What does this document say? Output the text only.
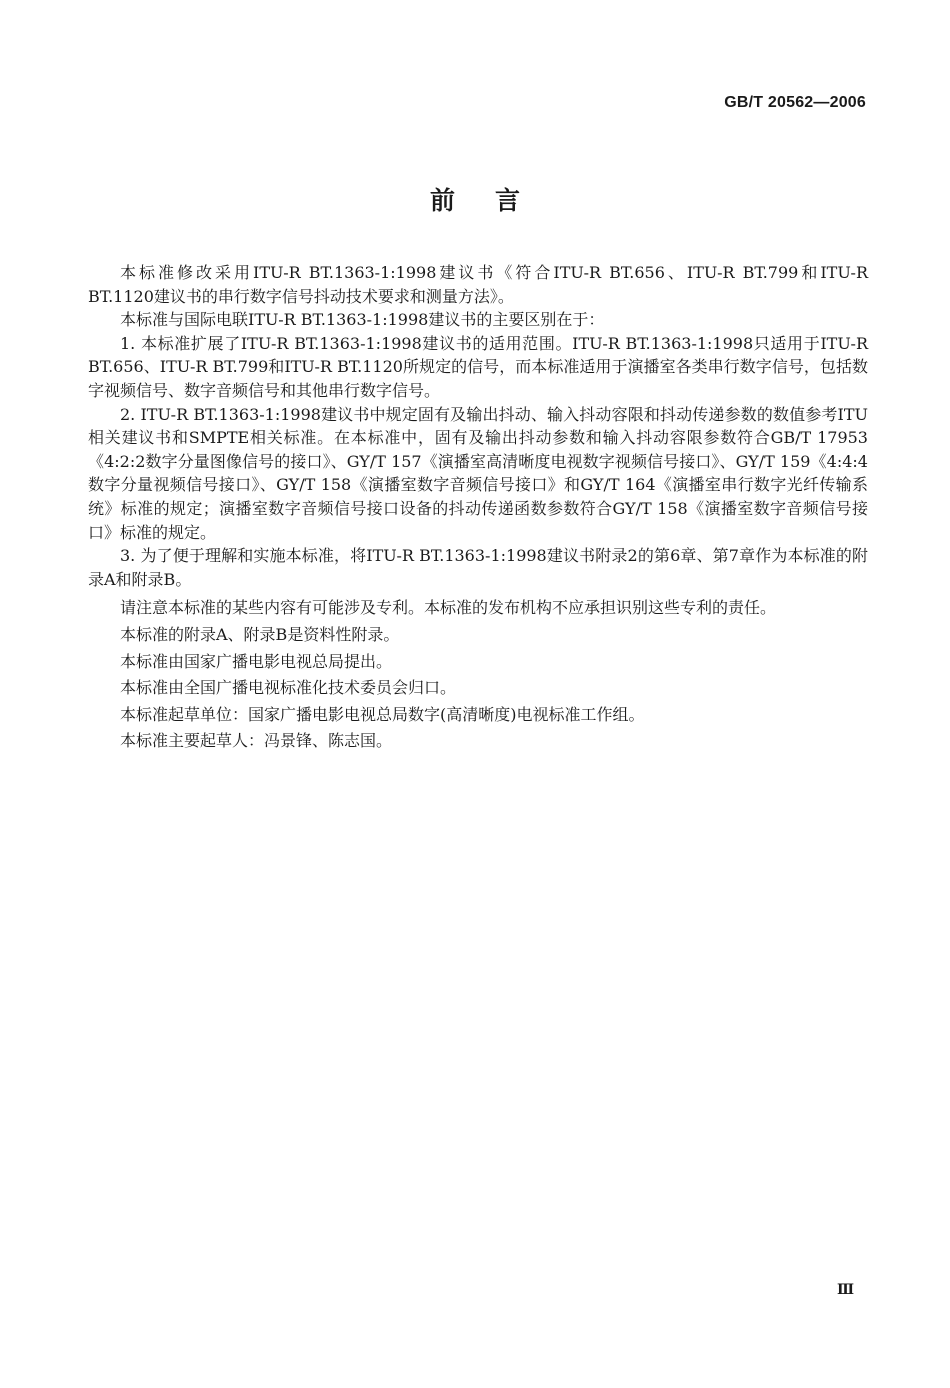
GB/T 20562—2006
前言

本标准修改采用ITU-R BT.1363-1:1998建议书《符合ITU-R BT.656、ITU-R BT.799和ITU-R BT.1120建议书的串行数字信号抖动技术要求和测量方法》。

本标准与国际电联ITU-R BT.1363-1:1998建议书的主要区别在于：

1. 本标准扩展了ITU-R BT.1363-1:1998建议书的适用范围。ITU-R BT.1363-1:1998只适用于ITU-R BT.656、ITU-R BT.799和ITU-R BT.1120所规定的信号，而本标准适用于演播室各类串行数字信号，包括数字视频信号、数字音频信号和其他串行数字信号。

2. ITU-R BT.1363-1:1998建议书中规定固有及输出抖动、输入抖动容限和抖动传递参数的数值参考ITU相关建议书和SMPTE相关标准。在本标准中，固有及输出抖动参数和输入抖动容限参数符合GB/T 17953《4:2:2数字分量图像信号的接口》、GY/T 157《演播室高清晰度电视数字视频信号接口》、GY/T 159《4:4:4数字分量视频信号接口》、GY/T 158《演播室数字音频信号接口》和GY/T 164《演播室串行数字光纤传输系统》标准的规定；演播室数字音频信号接口设备的抖动传递函数参数符合GY/T 158《演播室数字音频信号接口》标准的规定。

3. 为了便于理解和实施本标准，将ITU-R BT.1363-1:1998建议书附录2的第6章、第7章作为本标准的附录A和附录B。

请注意本标准的某些内容有可能涉及专利。本标准的发布机构不应承担识别这些专利的责任。

本标准的附录A、附录B是资料性附录。

本标准由国家广播电影电视总局提出。

本标准由全国广播电视标准化技术委员会归口。

本标准起草单位：国家广播电影电视总局数字(高清晰度)电视标准工作组。

本标准主要起草人：冯景锋、陈志国。

Ⅲ
